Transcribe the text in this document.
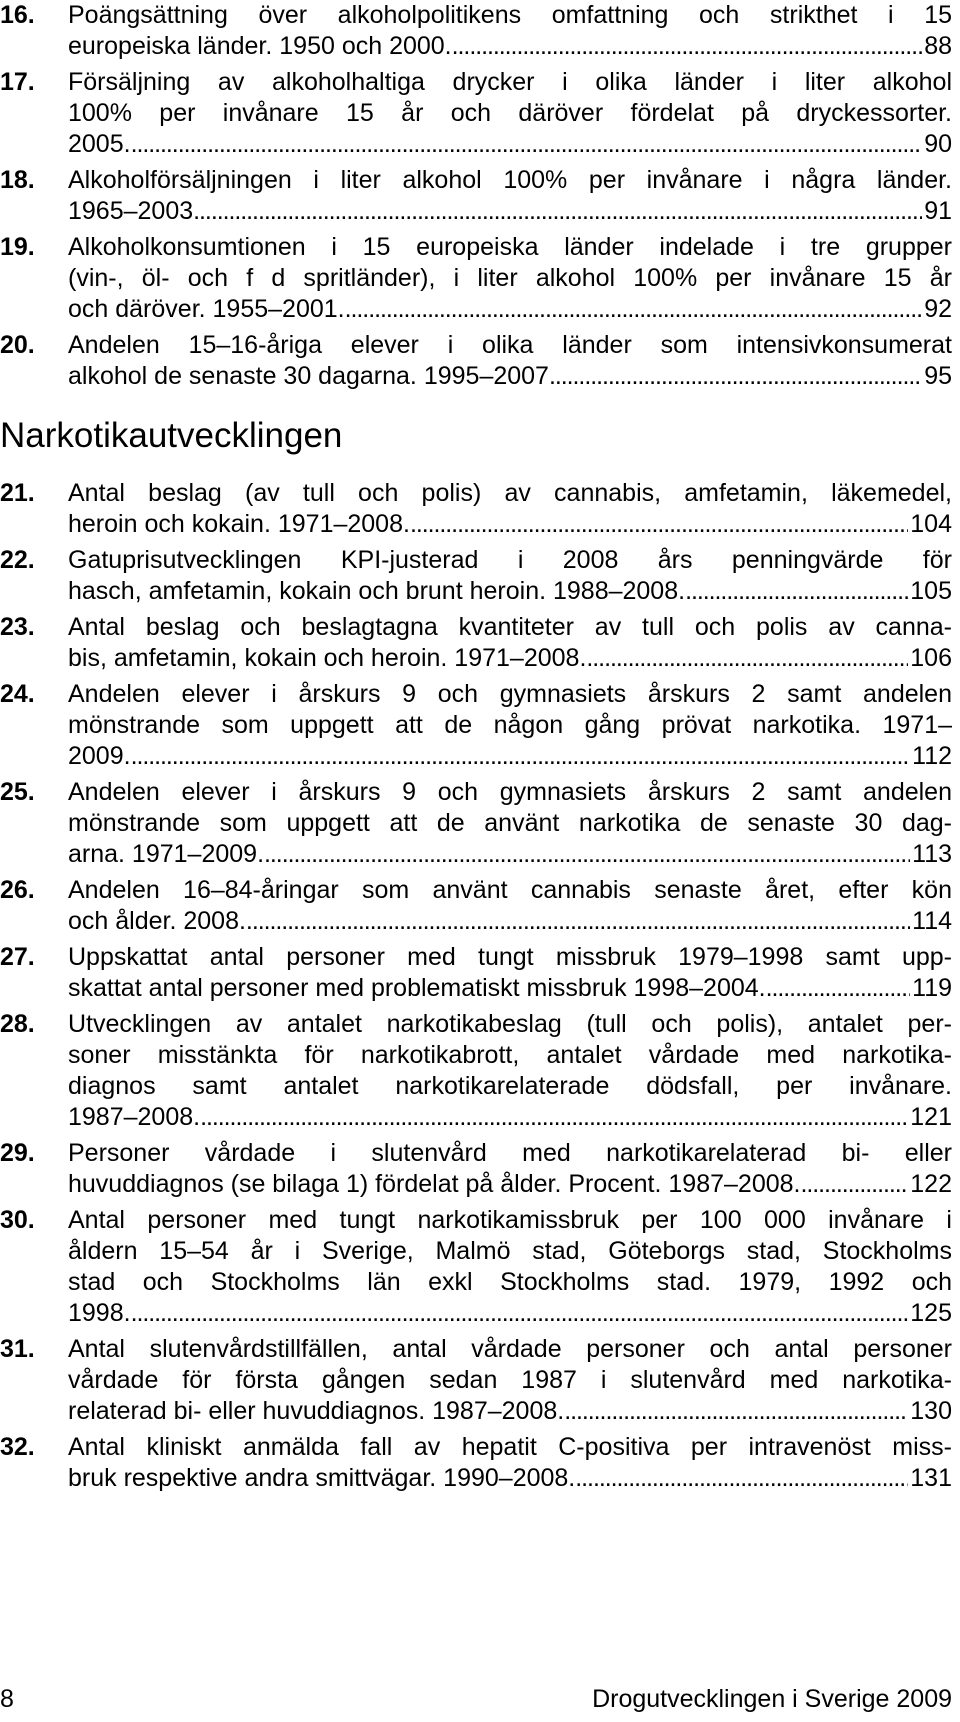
16.	Poängsättning över alkoholpolitikens omfattning och strikthet i 15
europeiska länder. 1950 och 2000. . . .	88
17.	Försäljning av alkoholhaltiga drycker i olika länder i liter alkohol
100% per invånare 15 år och däröver fördelat på dryckessorter.
2005. . . .	90
18.	Alkoholförsäljningen i liter alkohol 100% per invånare i några länder.
1965–2003 . . .	91
19.	Alkoholkonsumtionen i 15 europeiska länder indelade i tre grupper
(vin-, öl- och f d spritländer), i liter alkohol 100% per invånare 15 år
och däröver. 1955–2001. . . .	92
20.	Andelen 15–16-åriga elever i olika länder som intensivkonsumerat
alkohol de senaste 30 dagarna. 1995–2007 . . .	95
Narkotikautvecklingen
21.	Antal beslag (av tull och polis) av cannabis, amfetamin, läkemedel,
heroin och kokain. 1971–2008. . . .	104
22.	Gatuprisutvecklingen KPI-justerad i 2008 års penningvärde för
hasch, amfetamin, kokain och brunt heroin. 1988–2008. . . .	105
23.	Antal beslag och beslagtagna kvantiteter av tull och polis av canna-
bis, amfetamin, kokain och heroin. 1971–2008. . . .	106
24.	Andelen elever i årskurs 9 och gymnasiets årskurs 2 samt andelen
mönstrande som uppgett att de någon gång prövat narkotika. 1971–
2009. . . .	112
25.	Andelen elever i årskurs 9 och gymnasiets årskurs 2 samt andelen
mönstrande som uppgett att de använt narkotika de senaste 30 dag-
arna. 1971–2009. . . .	113
26.	Andelen 16–84-åringar som använt cannabis senaste året, efter kön
och ålder. 2008. . . .	114
27.	Uppskattat antal personer med tungt missbruk 1979–1998 samt upp-
skattat antal personer med problematiskt missbruk 1998–2004. . . .	119
28.	Utvecklingen av antalet narkotikabeslag (tull och polis), antalet per-
soner misstänkta för narkotikabrott, antalet vårdade med narkotika-
diagnos samt antalet narkotikarelaterade dödsfall, per invånare.
1987–2008. . . .	121
29.	Personer vårdade i slutenvård med narkotikarelaterad bi- eller
huvuddiagnos (se bilaga 1) fördelat på ålder. Procent. 1987–2008. . . .	122
30.	Antal personer med tungt narkotikamissbruk per 100 000 invånare i
åldern 15–54 år i Sverige, Malmö stad, Göteborgs stad, Stockholms
stad och Stockholms län exkl Stockholms stad. 1979, 1992 och
1998. . . .	125
31.	Antal slutenvårdstillfällen, antal vårdade personer och antal personer
vårdade för första gången sedan 1987 i slutenvård med narkotika-
relaterad bi- eller huvuddiagnos. 1987–2008. . . .	130
32.	Antal kliniskt anmälda fall av hepatit C-positiva per intravenöst miss-
bruk respektive andra smittvägar. 1990–2008. . . .	131
8	Drogutvecklingen i Sverige 2009
